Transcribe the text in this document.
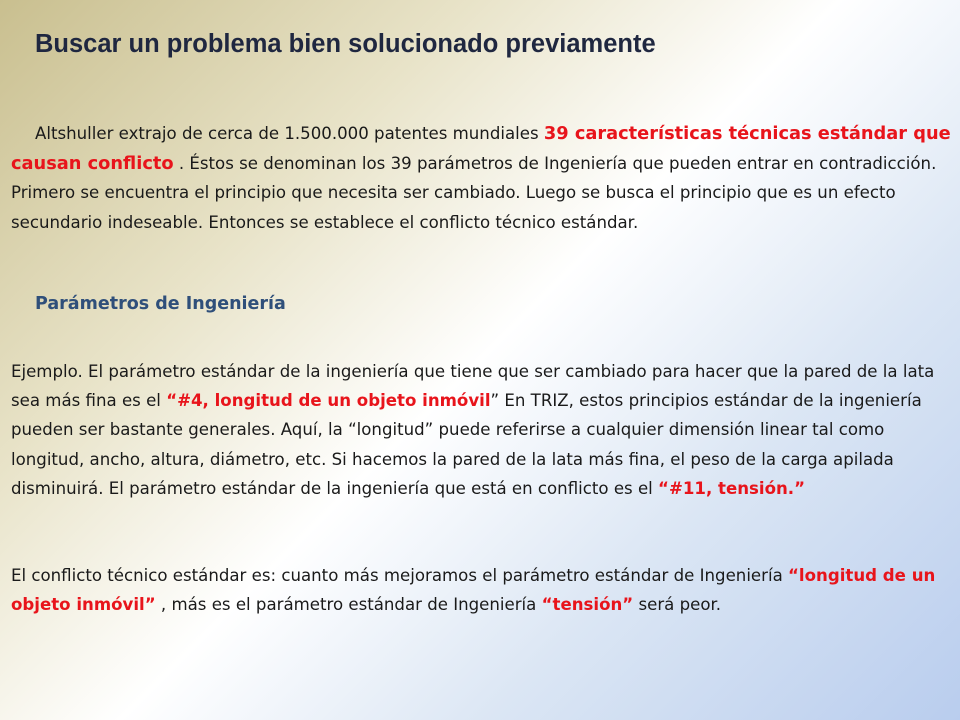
Buscar un problema bien solucionado previamente

Altshuller extrajo de cerca de 1.500.000 patentes mundiales 39 características técnicas estándar que causan conflicto . Éstos se denominan los 39 parámetros de Ingeniería que pueden entrar en contradicción. Primero se encuentra el principio que necesita ser cambiado. Luego se busca el principio que es un efecto secundario indeseable. Entonces se establece el conflicto técnico estándar.

Parámetros de Ingeniería

Ejemplo. El parámetro estándar de la ingeniería que tiene que ser cambiado para hacer que la pared de la lata sea más fina es el “#4, longitud de un objeto inmóvil” En TRIZ, estos principios estándar de la ingeniería pueden ser bastante generales. Aquí, la “longitud” puede referirse a cualquier dimensión linear tal como longitud, ancho, altura, diámetro, etc. Si hacemos la pared de la lata más fina, el peso de la carga apilada disminuirá. El parámetro estándar de la ingeniería que está en conflicto es el “#11, tensión.”

El conflicto técnico estándar es: cuanto más mejoramos el parámetro estándar de Ingeniería “longitud de un objeto inmóvil” , más es el parámetro estándar de Ingeniería “tensión” será peor.
